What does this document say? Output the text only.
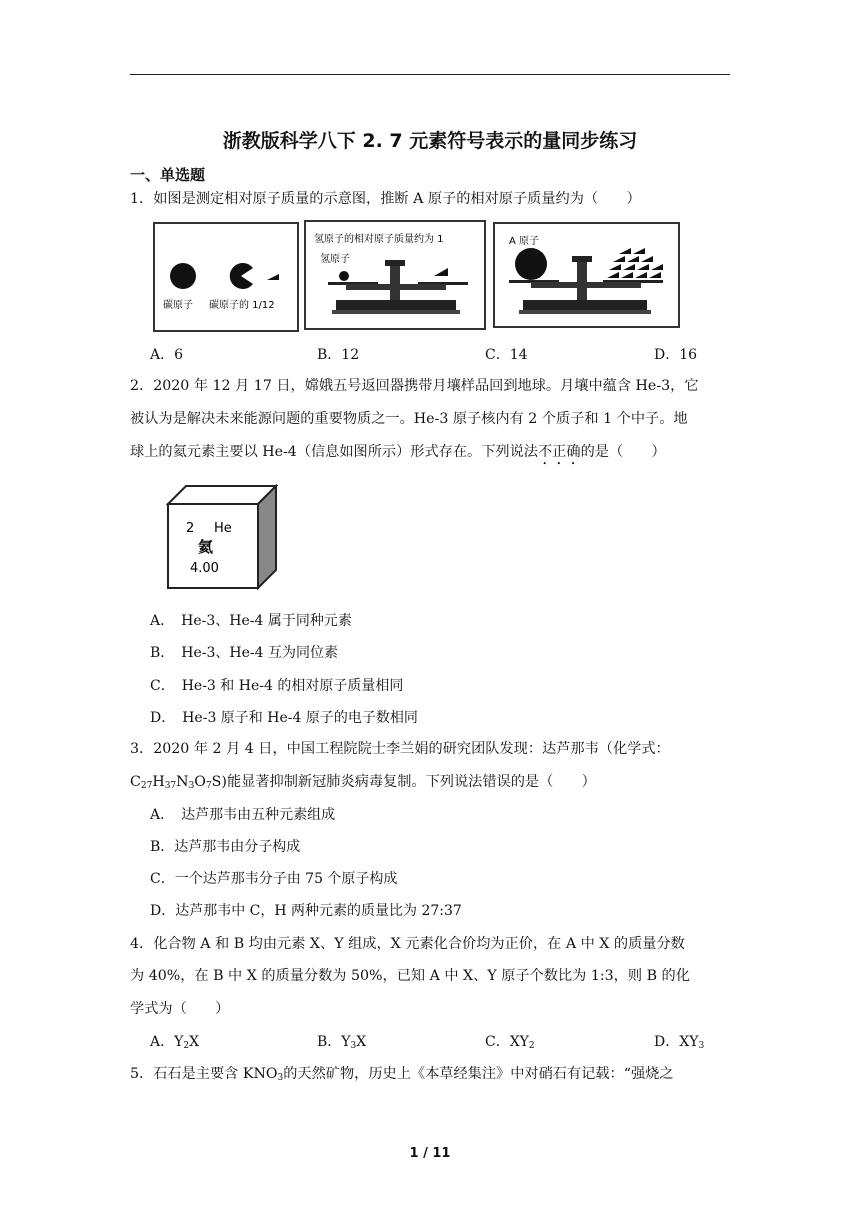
浙教版科学八下 2. 7 元素符号表示的量同步练习
一、单选题
1．如图是测定相对原子质量的示意图，推断 A 原子的相对原子质量约为（　　）
碳原子 碳原子的 1/12
氢原子的相对原子质量约为 1
氢原子
A 原子
A．6	B．12	C．14	D．16
2．2020 年 12 月 17 日，嫦娥五号返回器携带月壤样品回到地球。月壤中蕴含 He-3，它
被认为是解决未来能源问题的重要物质之一。He-3 原子核内有 2 个质子和 1 个中子。地
球上的氦元素主要以 He-4（信息如图所示）形式存在。下列说法不正确的是（　　）
2 He
氦
4.00
A．　He-3、He-4 属于同种元素
B．　He-3、He-4 互为同位素
C．　He-3 和 He-4 的相对原子质量相同
D．　He-3 原子和 He-4 原子的电子数相同
3．2020 年 2 月 4 日，中国工程院院士李兰娟的研究团队发现：达芦那韦（化学式：
$C_{27}H_{37}N_3O_7S$)能显著抑制新冠肺炎病毒复制。下列说法错误的是（　　）
A．　达芦那韦由五种元素组成
B．达芦那韦由分子构成
C．一个达芦那韦分子由 75 个原子构成
D．达芦那韦中 C，H 两种元素的质量比为 27:37
4．化合物 A 和 B 均由元素 X、Y 组成，X 元素化合价均为正价，在 A 中 X 的质量分数
为 40%，在 B 中 X 的质量分数为 50%，已知 A 中 X、Y 原子个数比为 1:3，则 B 的化
学式为（　　）
A．$Y_2X$	B．$Y_3X$	C．$XY_2$	D．$XY_3$
5．石石是主要含 $KNO_3$的天然矿物，历史上《本草经集注》中对硝石有记载：“强烧之
1 / 11
